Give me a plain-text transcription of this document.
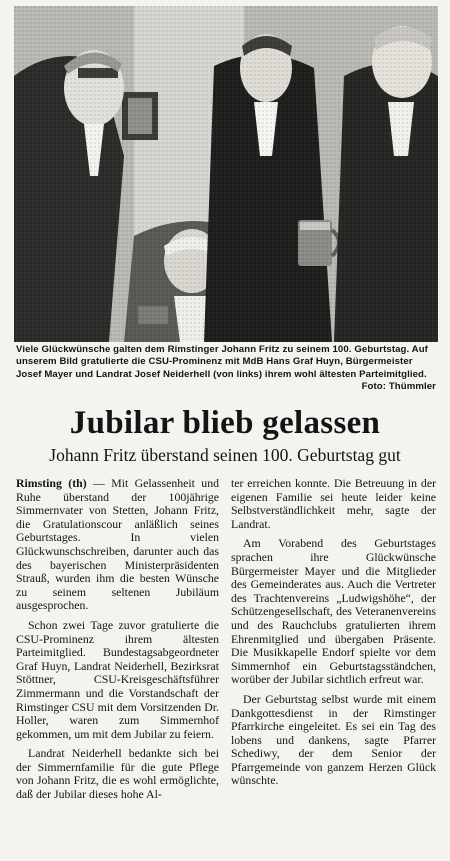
Viele Glückwünsche galten dem Rimstinger Johann Fritz zu seinem 100. Geburtstag. Auf unserem Bild gratulierte die CSU-Prominenz mit MdB Hans Graf Huyn, Bürgermeister Josef Mayer und Landrat Josef Neiderhell (von links) ihrem wohl ältesten Parteimitglied.
Foto: Thümmler
Jubilar blieb gelassen
Johann Fritz überstand seinen 100. Geburtstag gut

Rimsting (th) — Mit Gelassenheit und Ruhe überstand der 100jährige Simmernvater von Stetten, Johann Fritz, die Gratulationscour anläßlich seines Geburtstages. In vielen Glückwunschschreiben, darunter auch das des bayerischen Ministerpräsidenten Strauß, wurden ihm die besten Wünsche zu seinem seltenen Jubiläum ausgesprochen.

Schon zwei Tage zuvor gratulierte die CSU-Prominenz ihrem ältesten Parteimitglied. Bundestagsabgeordneter Graf Huyn, Landrat Neiderhell, Bezirksrat Stöttner, CSU-Kreisgeschäftsführer Zimmermann und die Vorstandschaft der Rimstinger CSU mit dem Vorsitzenden Dr. Holler, waren zum Simmernhof gekommen, um mit dem Jubilar zu feiern.

Landrat Neiderhell bedankte sich bei der Simmernfamilie für die gute Pflege von Johann Fritz, die es wohl ermöglichte, daß der Jubilar dieses hohe Al-

ter erreichen konnte. Die Betreuung in der eigenen Familie sei heute leider keine Selbstverständlichkeit mehr, sagte der Landrat.

Am Vorabend des Geburtstages sprachen ihre Glückwünsche Bürgermeister Mayer und die Mitglieder des Gemeinderates aus. Auch die Vertreter des Trachtenvereins „Ludwigshöhe“, der Schützengesellschaft, des Veteranenvereins und des Rauchclubs gratulierten ihrem Ehrenmitglied und übergaben Präsente. Die Musikkapelle Endorf spielte vor dem Simmernhof ein Geburtstagsständchen, worüber der Jubilar sichtlich erfreut war.

Der Geburtstag selbst wurde mit einem Dankgottesdienst in der Rimstinger Pfarrkirche eingeleitet. Es sei ein Tag des lobens und dankens, sagte Pfarrer Schediwy, der dem Senior der Pfarrgemeinde von ganzem Herzen Glück wünschte.
